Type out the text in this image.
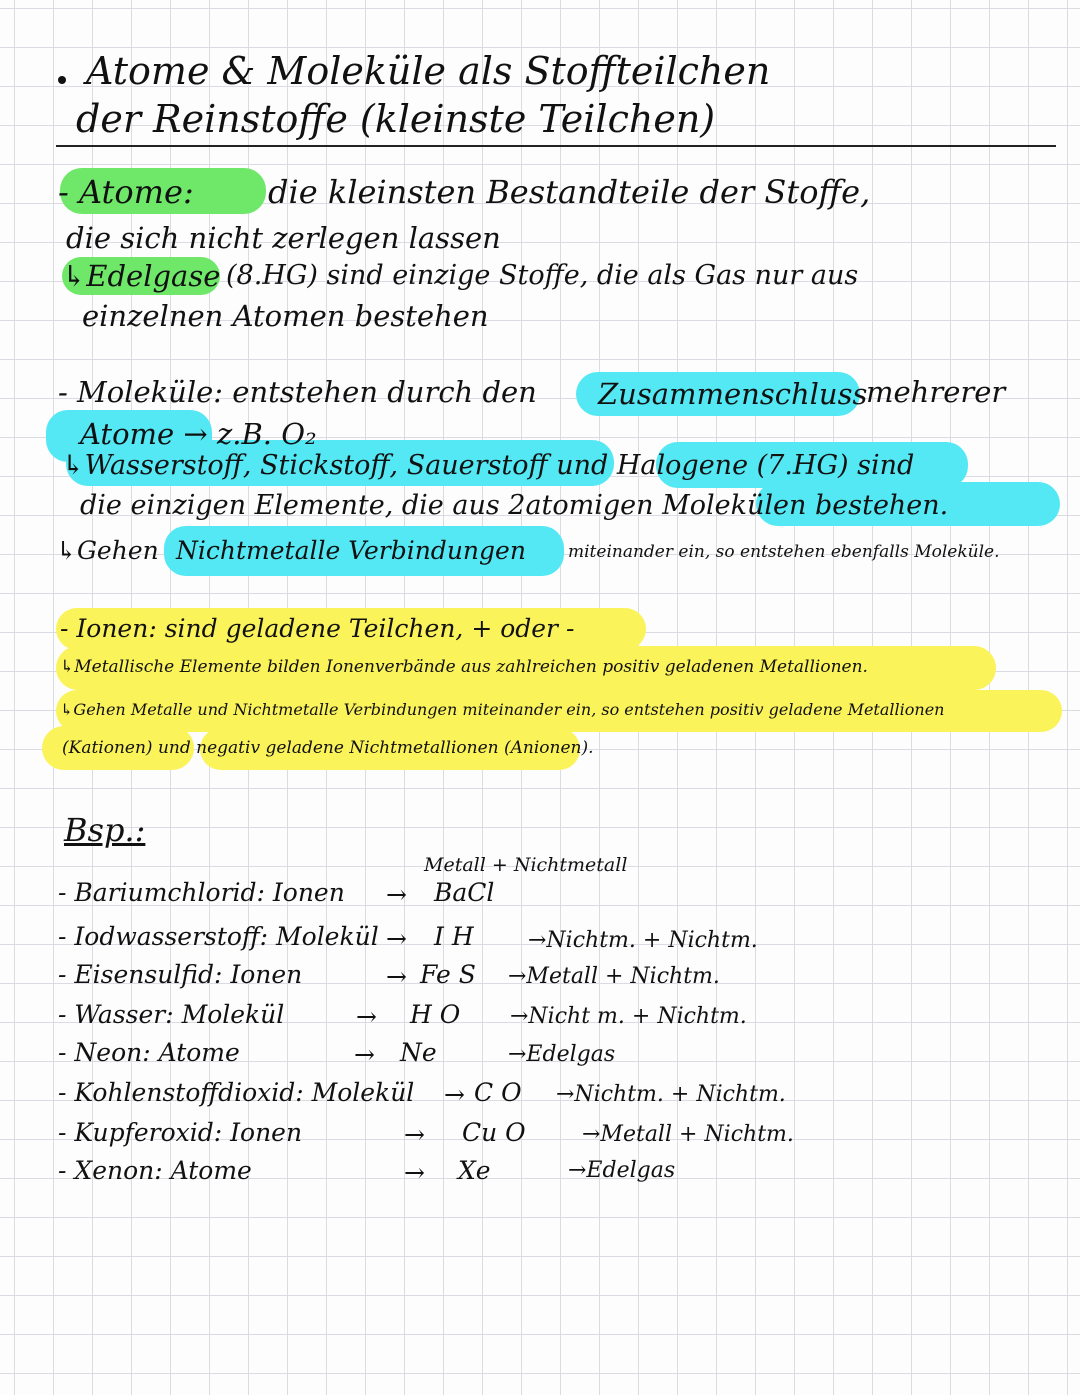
Atome & Moleküle als Stoffteilchen
der Reinstoffe (kleinste Teilchen)
- Atome: die kleinsten Bestandteile der Stoffe,
die sich nicht zerlegen lassen
↳Edelgase (8.HG) sind einzige Stoffe, die als Gas nur aus
einzelnen Atomen bestehen
- Moleküle: entstehen durch den Zusammenschluss
mehrerer
Atome → z.B. O₂
↳Wasserstoff, Stickstoff, Sauerstoff und Halogene (7.HG) sind
die einzigen Elemente, die aus 2atomigen Molekülen bestehen.
↳Gehen Nichtmetalle Verbindungen miteinander ein, so entstehen ebenfalls Moleküle.
- Ionen: sind geladene Teilchen, + oder -
↳Metallische Elemente bilden Ionenverbände aus zahlreichen positiv geladenen Metallionen.
↳Gehen Metalle und Nichtmetalle Verbindungen miteinander ein, so entstehen positiv geladene Metallionen
(Kationen) und negativ geladene Nichtmetallionen (Anionen).
Bsp.:
Metall + Nichtmetall
- Bariumchlorid: Ionen → BaCl
- Iodwasserstoff: Molekül → I H →Nichtm. + Nichtm.
- Eisensulfid: Ionen	→ Fe S →Metall + Nichtm.
- Wasser: Molekül	→ H O →Nicht m. + Nichtm.
- Neon: Atome	→ Ne	→Edelgas
- Kohlenstoffdioxid: Molekül → C O →Nichtm. + Nichtm.
- Kupferoxid: Ionen	→ Cu O	→Metall + Nichtm.
- Xenon: Atome	→ Xe	→Edelgas
